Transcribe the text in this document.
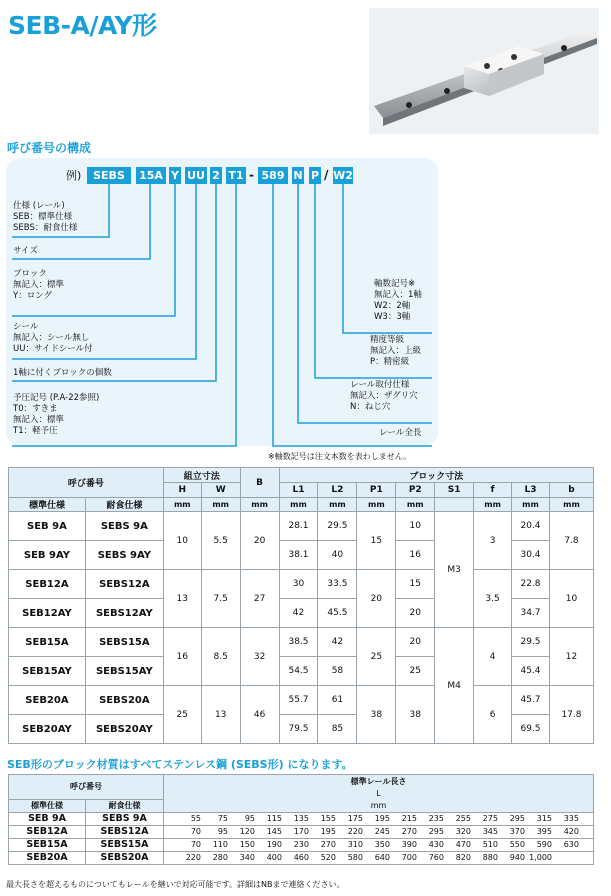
SEB-A/AY形
呼び番号の構成
例)	SEBS	15A Y UU 2 T1 - 589 N P / W2
仕様 (レール)
SEB：標準仕様
SEBS：耐食仕様
サイズ
ブロック
無記入：標準
Y：ロング
シール
無記入：シール無し
UU：サイドシール付
1軸に付くブロックの個数
予圧記号 (P.A-22参照)
T0：すきま
無記入：標準
T1：軽予圧
軸数記号※
無記入：1軸
W2：2軸
W3：3軸
精度等級
無記入：上級
P：精密級
レール取付仕様
無記入：ザグリ穴
N：ねじ穴
レール全長
※軸数記号は注文本数を表わしません。
呼び番号		組立寸法		B	ブロック寸法							
		H	W		L1	L2	P1	P2	S1	f	L3	b
標準仕様	耐食仕様	mm	mm	mm	mm	mm	mm	mm		mm	mm	mm
SEB 9A	SEBS 9A	10	5.5	20	28.1	29.5	15	10	M3	3	20.4	7.8
SEB 9AY	SEBS 9AY				38.1	40		16			30.4	
SEB12A	SEBS12A	13	7.5	27	30	33.5	20	15		3.5	22.8	10
SEB12AY	SEBS12AY				42	45.5		20			34.7	
SEB15A	SEBS15A	16	8.5	32	38.5	42	25	20	M4	4	29.5	12
SEB15AY	SEBS15AY				54.5	58		25			45.4	
SEB20A	SEBS20A	25	13	46	55.7	61	38	38		6	45.7	17.8
SEB20AY	SEBS20AY				79.5	85					69.5	
SEB形のブロック材質はすべてステンレス鋼 (SEBS形) になります。
呼び番号		標準レール長さ
		L
標準仕様	耐食仕様	mm
SEB 9A	SEBS 9A	55 75 95 115 135 155 175 195 215 235 255 275 295 315 335
SEB12A	SEBS12A	70 95 120 145 170 195 220 245 270 295 320 345 370 395 420
SEB15A	SEBS15A	70 110 150 190 230 270 310 350 390 430 470 510 550 590 630
SEB20A	SEBS20A	220 280 340 400 460 520 580 640 700 760 820 880 940 1,000
最大長さを超えるものについてもレールを継いで対応可能です。詳細はNBまで連絡ください。
